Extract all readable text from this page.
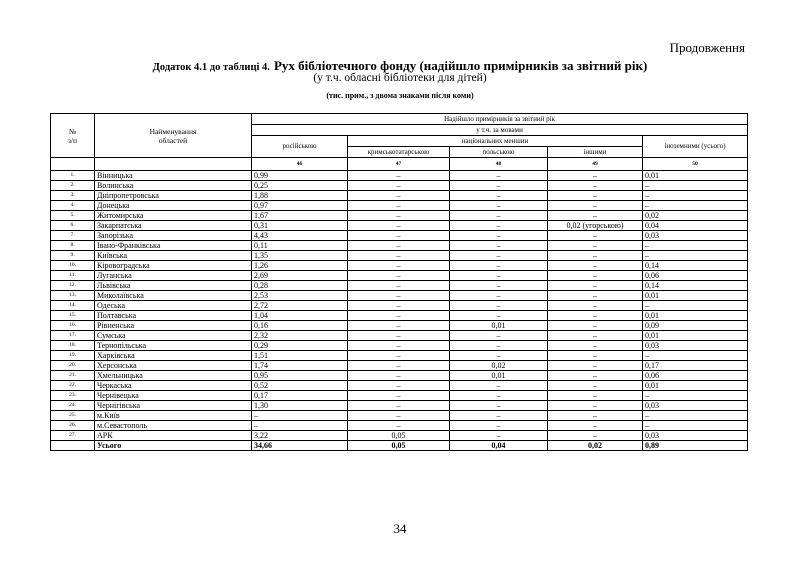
Продовження
Додаток 4.1 до таблиці 4. Рух бібліотечного фонду (надійшло примірників за звітний рік)
(у т.ч. обласні бібліотеки для дітей)
(тис. прим., з двома знаками після коми)
№
з/п	Найменування
областей	Надійшло примірників за звітний рік				
		у т.ч. за мовами				
		російською	національних меншин			іноземними (усього)
			кримськотатарською	польською	іншими	
		46	47	48	49	50
1.	Вінницька	0,99	–	–	–	0,01
2.	Волинська	0,25	–	–	–	–
3.	Дніпропетровська	1,88	–	–	–	–
4.	Донецька	0,97	–	–	–	–
5.	Житомирська	1,67	–	–	–	0,02
6.	Закарпатська	0,31	–	–	0,02 (угорською)	0,04
7.	Запорізька	4,43	–	–	–	0,03
8.	Івано-Франківська	0,11	–	–	–	–
9.	Київська	1,35	–	–	–	–
10.	Кіровоградська	1,26	–	–	–	0,14
11.	Луганська	2,69	–	–	–	0,06
12.	Львівська	0,28	–	–	–	0,14
13.	Миколаївська	2,53	–	–	–	0,01
14.	Одеська	2,72	–	–	–	–
15.	Полтавська	1,04	–	–	–	0,01
16.	Рівненська	0,16	–	0,01	–	0,09
17.	Сумська	2,32	–	–	–	0,01
18.	Тернопільська	0,29	–	–	–	0,03
19.	Харківська	1,51	–	–	–	–
20.	Херсонська	1,74	–	0,02	–	0,17
21.	Хмельницька	0,95	–	0,01	–	0,06
22.	Черкаська	0,52	–	–	–	0,01
23.	Чернівецька	0,17	–	–	–	–
24.	Чернігівська	1,30	–	–	–	0,03
25.	м.Київ	–	–	–	–	–
26.	м.Севастополь	–	–	–	–	–
27.	АРК	3,22	0,05	–	–	0,03
	Усього	34,66	0,05	0,04	0,02	0,89
34
